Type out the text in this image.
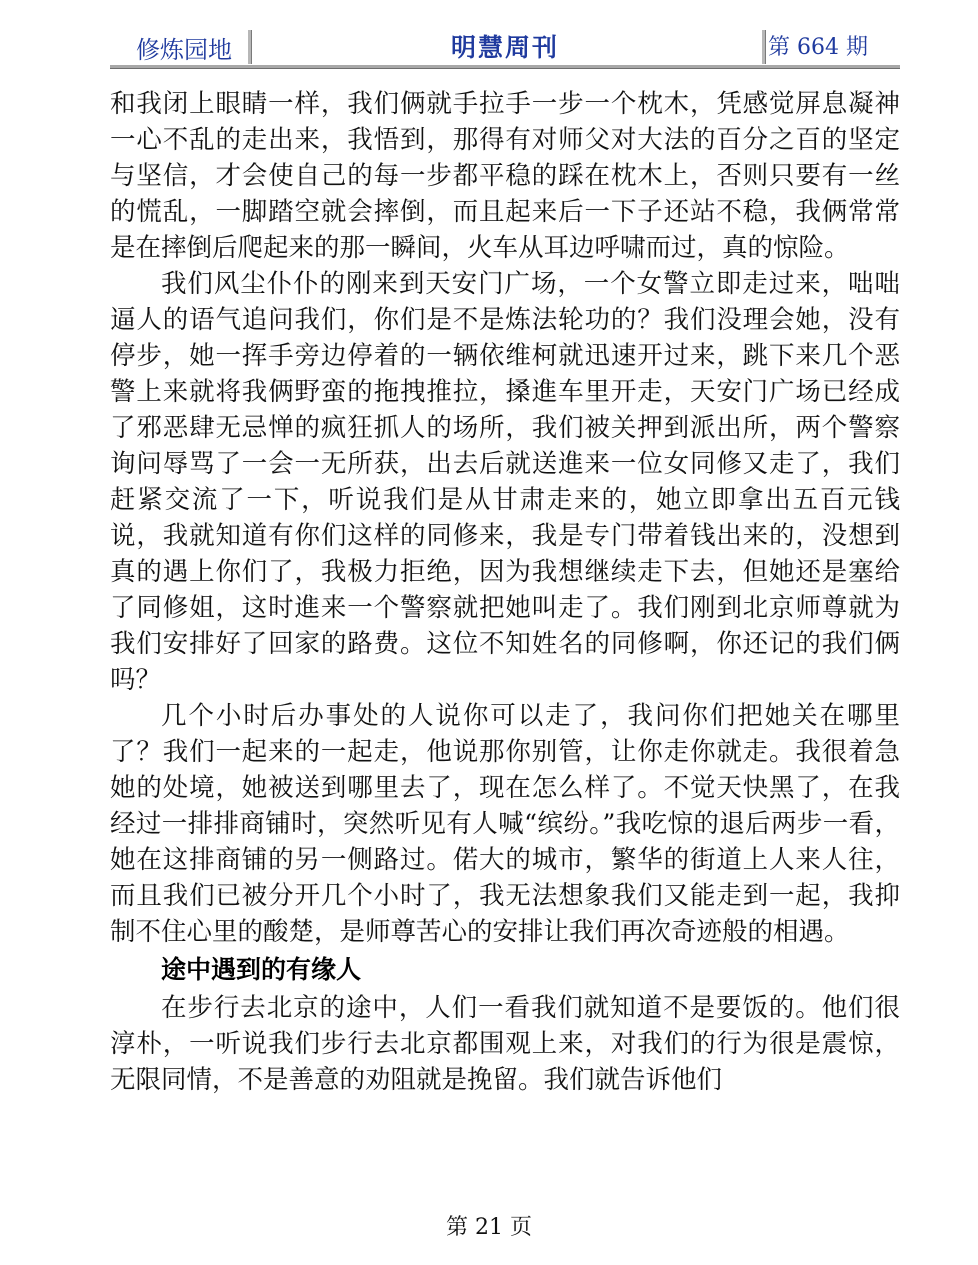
修炼园地	明慧周刊	第 664 期

和我闭上眼睛一样，我们俩就手拉手一步一个枕木，凭感觉屏息凝神一心不乱的走出来，我悟到，那得有对师父对大法的百分之百的坚定与坚信，才会使自己的每一步都平稳的踩在枕木上，否则只要有一丝的慌乱，一脚踏空就会摔倒，而且起来后一下子还站不稳，我俩常常是在摔倒后爬起来的那一瞬间，火车从耳边呼啸而过，真的惊险。

我们风尘仆仆的刚来到天安门广场，一个女警立即走过来，咄咄逼人的语气追问我们，你们是不是炼法轮功的？我们没理会她，没有停步，她一挥手旁边停着的一辆依维柯就迅速开过来，跳下来几个恶警上来就将我俩野蛮的拖拽推拉，搡進车里开走，天安门广场已经成了邪恶肆无忌惮的疯狂抓人的场所，我们被关押到派出所，两个警察询问辱骂了一会一无所获，出去后就送進来一位女同修又走了，我们赶紧交流了一下，听说我们是从甘肃走来的，她立即拿出五百元钱说，我就知道有你们这样的同修来，我是专门带着钱出来的，没想到真的遇上你们了，我极力拒绝，因为我想继续走下去，但她还是塞给了同修姐，这时進来一个警察就把她叫走了。我们刚到北京师尊就为我们安排好了回家的路费。这位不知姓名的同修啊，你还记的我们俩吗？

几个小时后办事处的人说你可以走了，我问你们把她关在哪里了？我们一起来的一起走，他说那你别管，让你走你就走。我很着急她的处境，她被送到哪里去了，现在怎么样了。不觉天快黑了，在我经过一排排商铺时，突然听见有人喊“缤纷。”我吃惊的退后两步一看，她在这排商铺的另一侧路过。偌大的城市，繁华的街道上人来人往，而且我们已被分开几个小时了，我无法想象我们又能走到一起，我抑制不住心里的酸楚，是师尊苦心的安排让我们再次奇迹般的相遇。

途中遇到的有缘人

在步行去北京的途中，人们一看我们就知道不是要饭的。他们很淳朴，一听说我们步行去北京都围观上来，对我们的行为很是震惊，无限同情，不是善意的劝阻就是挽留。我们就告诉他们

第 21 页
